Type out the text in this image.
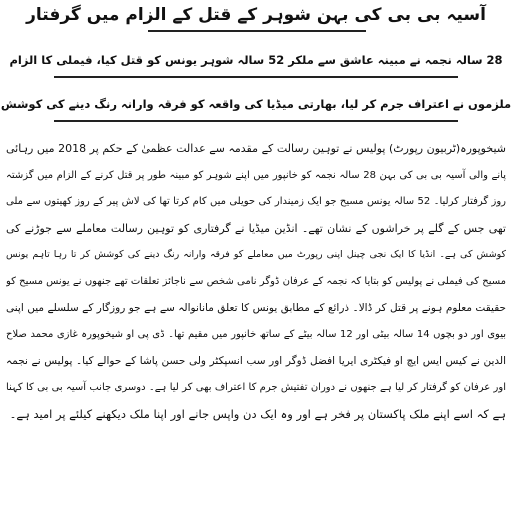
آسیہ بی بی کی بہن شوہر کے قتل کے الزام میں گرفتار
28 سالہ نجمہ نے مبینہ عاشق سے ملکر 52 سالہ شوہر یونس کو قتل کیا، فیملی کا الزام
ملزموں نے اعتراف جرم کر لیا، بھارتی میڈیا کی واقعہ کو فرقہ وارانہ رنگ دینے کی کوشش
شیخوپورہ(ٹربیون رپورٹ) پولیس نے توہین رسالت کے مقدمہ سے عدالت عظمیٰ کے حکم پر 2018 میں رہائی
پانے والی آسیہ بی بی کی بہن 28 سالہ نجمہ کو خانپور میں اپنے شوہر کو مبینہ طور پر قتل کرنے کے الزام میں گزشتہ
روز گرفتار کرلیا۔ 52 سالہ یونس مسیح جو ایک زمیندار کی حویلی میں کام کرتا تھا کی لاش پیر کے روز کھیتوں سے ملی
تھی جس کے گلے پر خراشوں کے نشان تھے۔ انڈین میڈیا نے گرفتاری کو توہین رسالت معاملے سے جوڑنے کی
کوشش کی ہے۔ انڈیا کا ایک نجی چینل اپنی رپورٹ میں معاملے کو فرقہ وارانہ رنگ دینے کی کوشش کر تا رہا تاہم یونس
مسیح کی فیملی نے پولیس کو بتایا کہ نجمہ کے عرفان ڈوگر نامی شخص سے ناجائز تعلقات تھے جنھوں نے یونس مسیح کو
حقیقت معلوم ہونے پر قتل کر ڈالا۔ ذرائع کے مطابق یونس کا تعلق مانانوالہ سے ہے جو روزگار کے سلسلے میں اپنی
بیوی اور دو بچوں 14 سالہ بیٹی اور 12 سالہ بیٹے کے ساتھ خانپور میں مقیم تھا۔ ڈی پی او شیخوپورہ غازی محمد صلاح
الدین نے کیس ایس ایچ او فیکٹری ایریا افضل ڈوگر اور سب انسپکٹر ولی حسن پاشا کے حوالے کیا۔ پولیس نے نجمہ
اور عرفان کو گرفتار کر لیا ہے جنھوں نے دوران تفتیش جرم کا اعتراف بھی کر لیا ہے۔ دوسری جانب آسیہ بی بی کا کہنا
ہے کہ اسے اپنے ملک پاکستان پر فخر ہے اور وہ ایک دن واپس جانے اور اپنا ملک دیکھنے کیلئے پر امید ہے۔
